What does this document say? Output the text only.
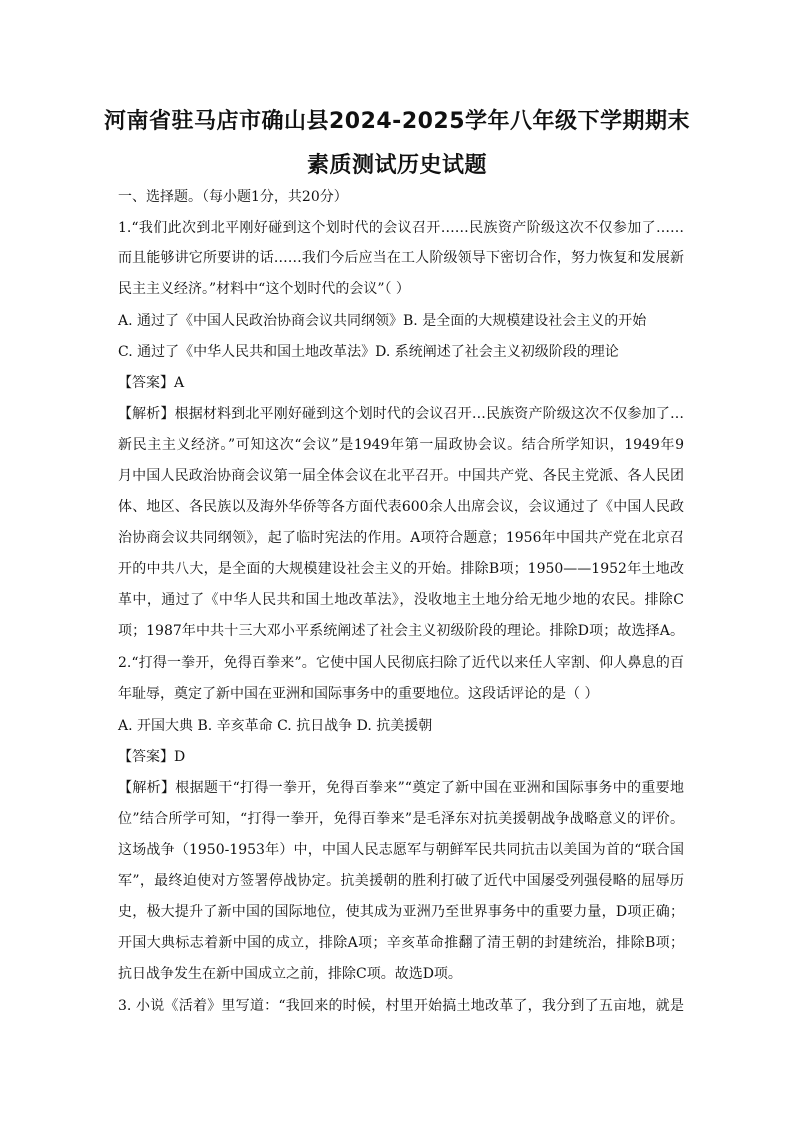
河南省驻马店市确山县2024-2025学年八年级下学期期末
素质测试历史试题
一、选择题。（每小题1分，共20分）
1.“我们此次到北平刚好碰到这个划时代的会议召开……民族资产阶级这次不仅参加了……
而且能够讲它所要讲的话……我们今后应当在工人阶级领导下密切合作，努力恢复和发展新
民主主义经济。”材料中“这个划时代的会议”（ ）
A. 通过了《中国人民政治协商会议共同纲领》B. 是全面的大规模建设社会主义的开始
C. 通过了《中华人民共和国土地改革法》D. 系统阐述了社会主义初级阶段的理论
【答案】A
【解析】根据材料到北平刚好碰到这个划时代的会议召开…民族资产阶级这次不仅参加了…
新民主主义经济。”可知这次“会议”是1949年第一届政协会议。结合所学知识，1949年9
月中国人民政治协商会议第一届全体会议在北平召开。中国共产党、各民主党派、各人民团
体、地区、各民族以及海外华侨等各方面代表600余人出席会议，会议通过了《中国人民政
治协商会议共同纲领》，起了临时宪法的作用。A项符合题意；1956年中国共产党在北京召
开的中共八大，是全面的大规模建设社会主义的开始。排除B项；1950——1952年土地改
革中，通过了《中华人民共和国土地改革法》，没收地主土地分给无地少地的农民。排除C
项；1987年中共十三大邓小平系统阐述了社会主义初级阶段的理论。排除D项；故选择A。
2.“打得一拳开，免得百拳来”。它使中国人民彻底扫除了近代以来任人宰割、仰人鼻息的百
年耻辱，奠定了新中国在亚洲和国际事务中的重要地位。这段话评论的是（ ）
A. 开国大典 B. 辛亥革命 C. 抗日战争 D. 抗美援朝
【答案】D
【解析】根据题干“打得一拳开，免得百拳来”“奠定了新中国在亚洲和国际事务中的重要地
位”结合所学可知，“打得一拳开，免得百拳来”是毛泽东对抗美援朝战争战略意义的评价。
这场战争（1950-1953年）中，中国人民志愿军与朝鲜军民共同抗击以美国为首的“联合国
军”，最终迫使对方签署停战协定。抗美援朝的胜利打破了近代中国屡受列强侵略的屈辱历
史，极大提升了新中国的国际地位，使其成为亚洲乃至世界事务中的重要力量，D项正确；
开国大典标志着新中国的成立，排除A项；辛亥革命推翻了清王朝的封建统治，排除B项；
抗日战争发生在新中国成立之前，排除C项。故选D项。
3. 小说《活着》里写道：“我回来的时候，村里开始搞土地改革了，我分到了五亩地，就是
